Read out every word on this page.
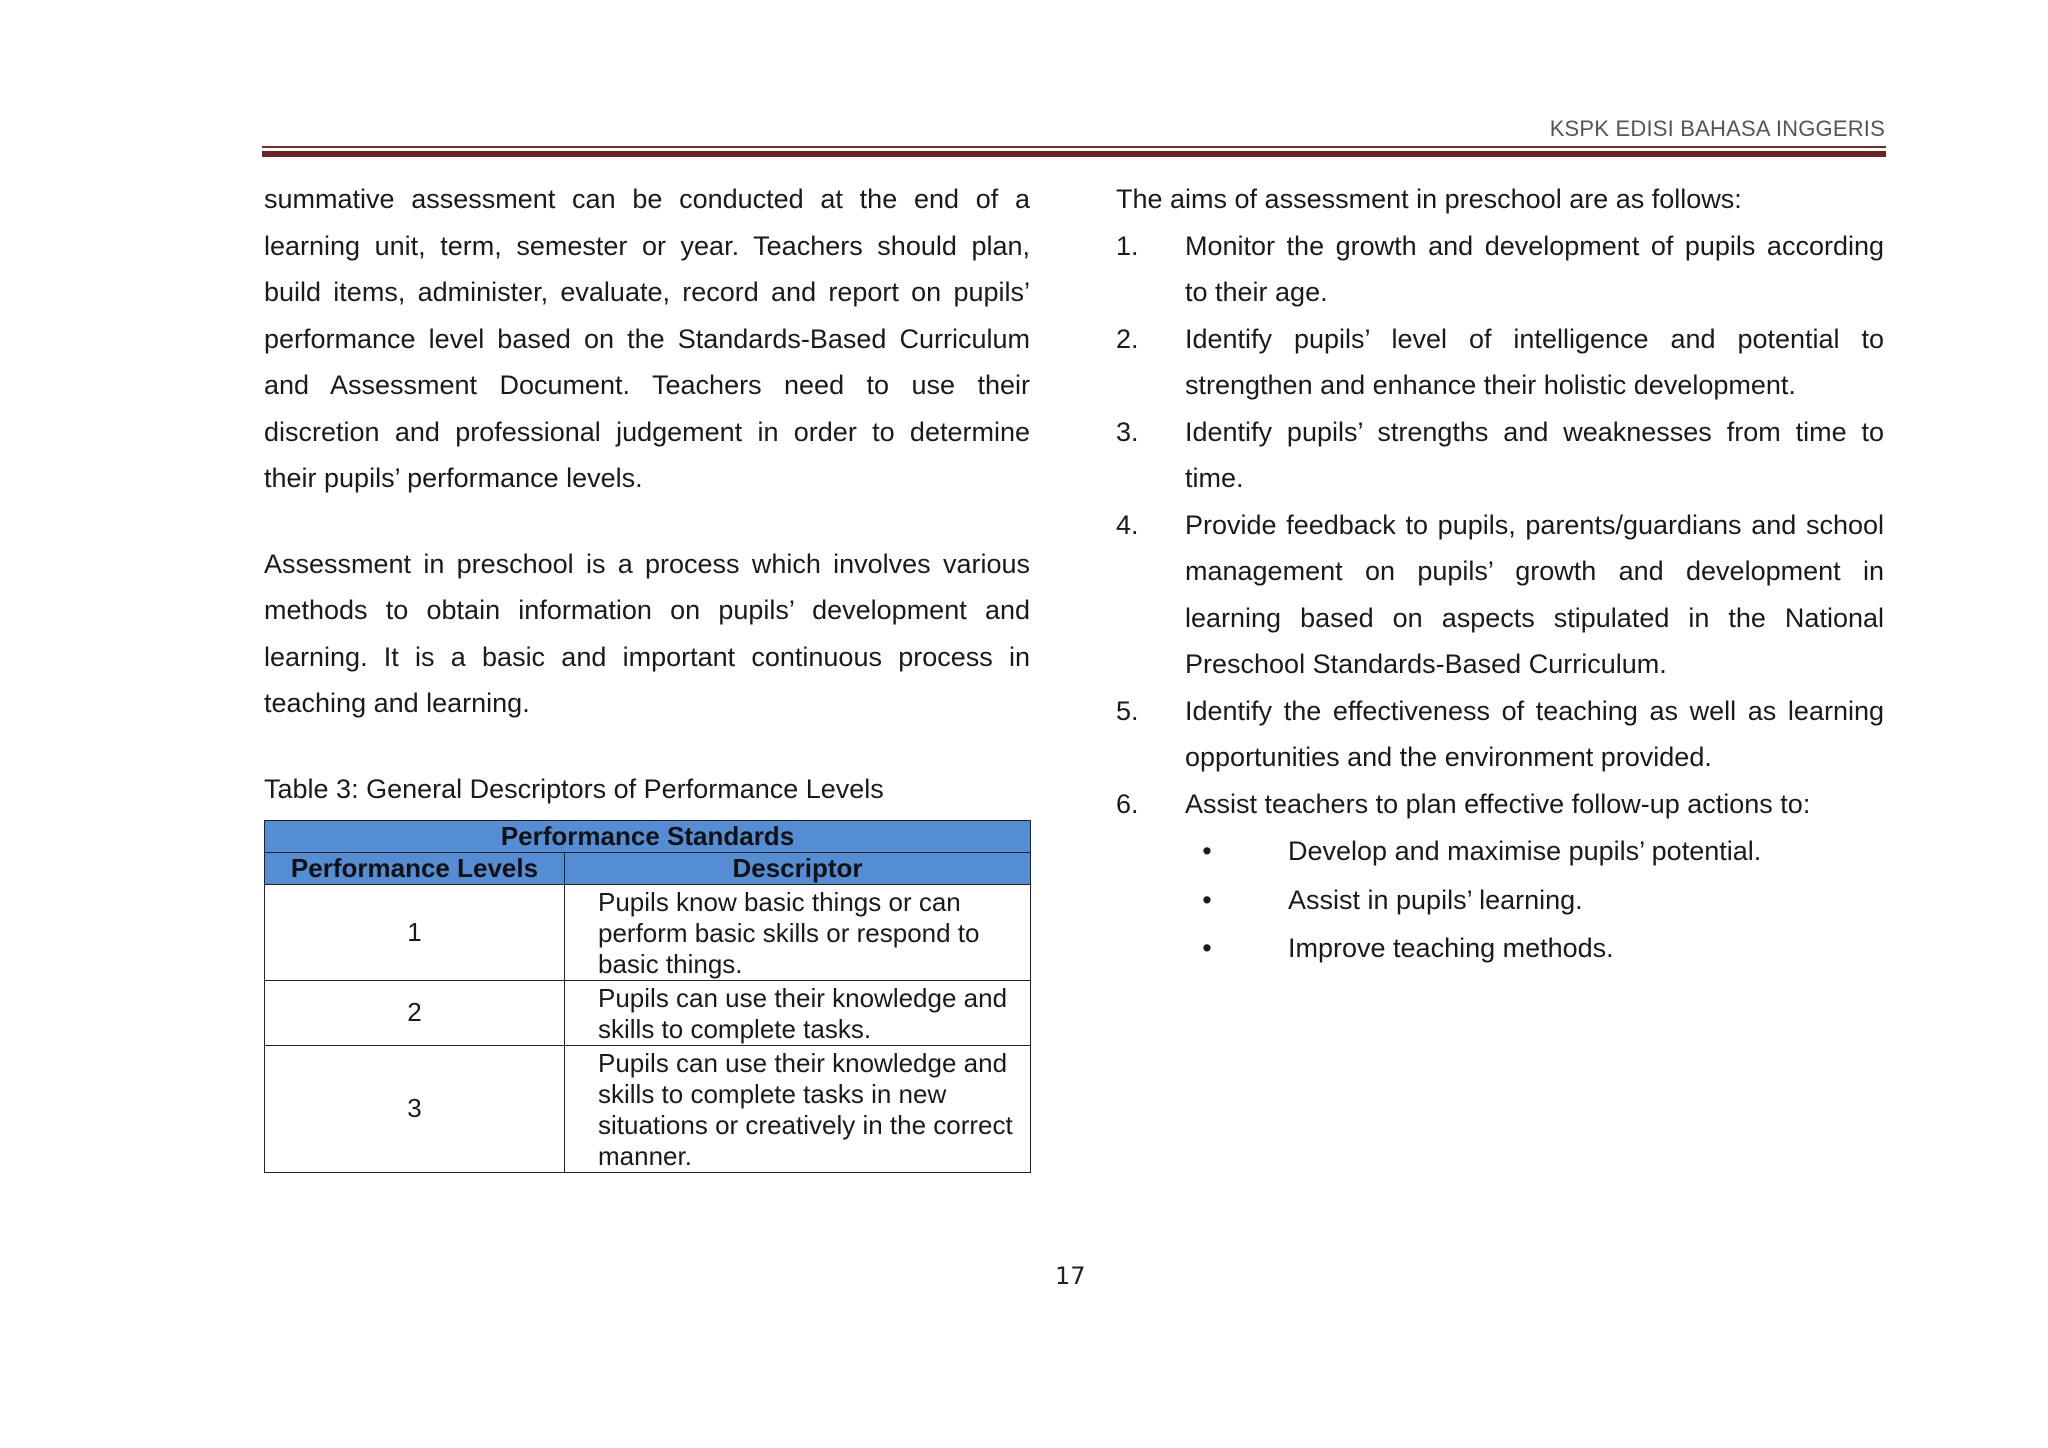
KSPK EDISI BAHASA INGGERIS

summative assessment can be conducted at the end of a learning unit, term, semester or year. Teachers should plan, build items, administer, evaluate, record and report on pupils’ performance level based on the Standards-Based Curriculum and Assessment Document. Teachers need to use their discretion and professional judgement in order to determine their pupils’ performance levels.

Assessment in preschool is a process which involves various methods to obtain information on pupils’ development and learning. It is a basic and important continuous process in teaching and learning.

Table 3: General Descriptors of Performance Levels

Performance Standards	
Performance Levels	Descriptor
1	Pupils know basic things or can perform basic skills or respond to basic things.
2	Pupils can use their knowledge and skills to complete tasks.
3	Pupils can use their knowledge and skills to complete tasks in new situations or creatively in the correct manner.

The aims of assessment in preschool are as follows:

1.	Monitor the growth and development of pupils according to their age.
2.	Identify pupils’ level of intelligence and potential to strengthen and enhance their holistic development.
3.	Identify pupils’ strengths and weaknesses from time to time.
4.	Provide feedback to pupils, parents/guardians and school management on pupils’ growth and development in learning based on aspects stipulated in the National Preschool Standards-Based Curriculum.
5.	Identify the effectiveness of teaching as well as learning opportunities and the environment provided.
6.	Assist teachers to plan effective follow-up actions to:
•	Develop and maximise pupils’ potential.
•	Assist in pupils’ learning.
•	Improve teaching methods.
17
